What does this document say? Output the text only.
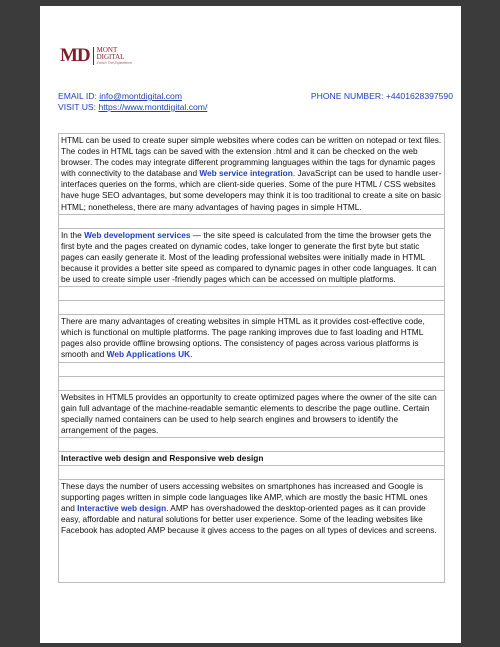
MD MONT
DIGITAL
Enrich The Experience
EMAIL ID: info@montdigital.com	PHONE NUMBER: +4401628397590
VISIT US: https://www.montdigital.com/
HTML can be used to create super simple websites where codes can be written on notepad or text files. The codes in HTML tags can be saved with the extension .html and it can be checked on the web browser. The codes may integrate different programming languages within the tags for dynamic pages with connectivity to the database and Web service integration. JavaScript can be used to handle user- interfaces queries on the forms, which are client-side queries. Some of the pure HTML / CSS websites have huge SEO advantages, but some developers may think it is too traditional to create a site on basic HTML; nonetheless, there are many advantages of having pages in simple HTML.
In the Web development services — the site speed is calculated from the time the browser gets the first byte and the pages created on dynamic codes, take longer to generate the first byte but static pages can easily generate it. Most of the leading professional websites were initially made in HTML because it provides a better site speed as compared to dynamic pages in other code languages. It can be used to create simple user -friendly pages which can be accessed on multiple platforms.
There are many advantages of creating websites in simple HTML as it provides cost-effective code, which is functional on multiple platforms. The page ranking improves due to fast loading and HTML pages also provide offline browsing options. The consistency of pages across various platforms is smooth and Web Applications UK.
Websites in HTML5 provides an opportunity to create optimized pages where the owner of the site can gain full advantage of the machine-readable semantic elements to describe the page outline. Certain specially named containers can be used to help search engines and browsers to identify the arrangement of the pages.
Interactive web design and Responsive web design
These days the number of users accessing websites on smartphones has increased and Google is supporting pages written in simple code languages like AMP, which are mostly the basic HTML ones and Interactive web design. AMP has overshadowed the desktop-oriented pages as it can provide easy, affordable and natural solutions for better user experience. Some of the leading websites like Facebook has adopted AMP because it gives access to the pages on all types of devices and screens.
